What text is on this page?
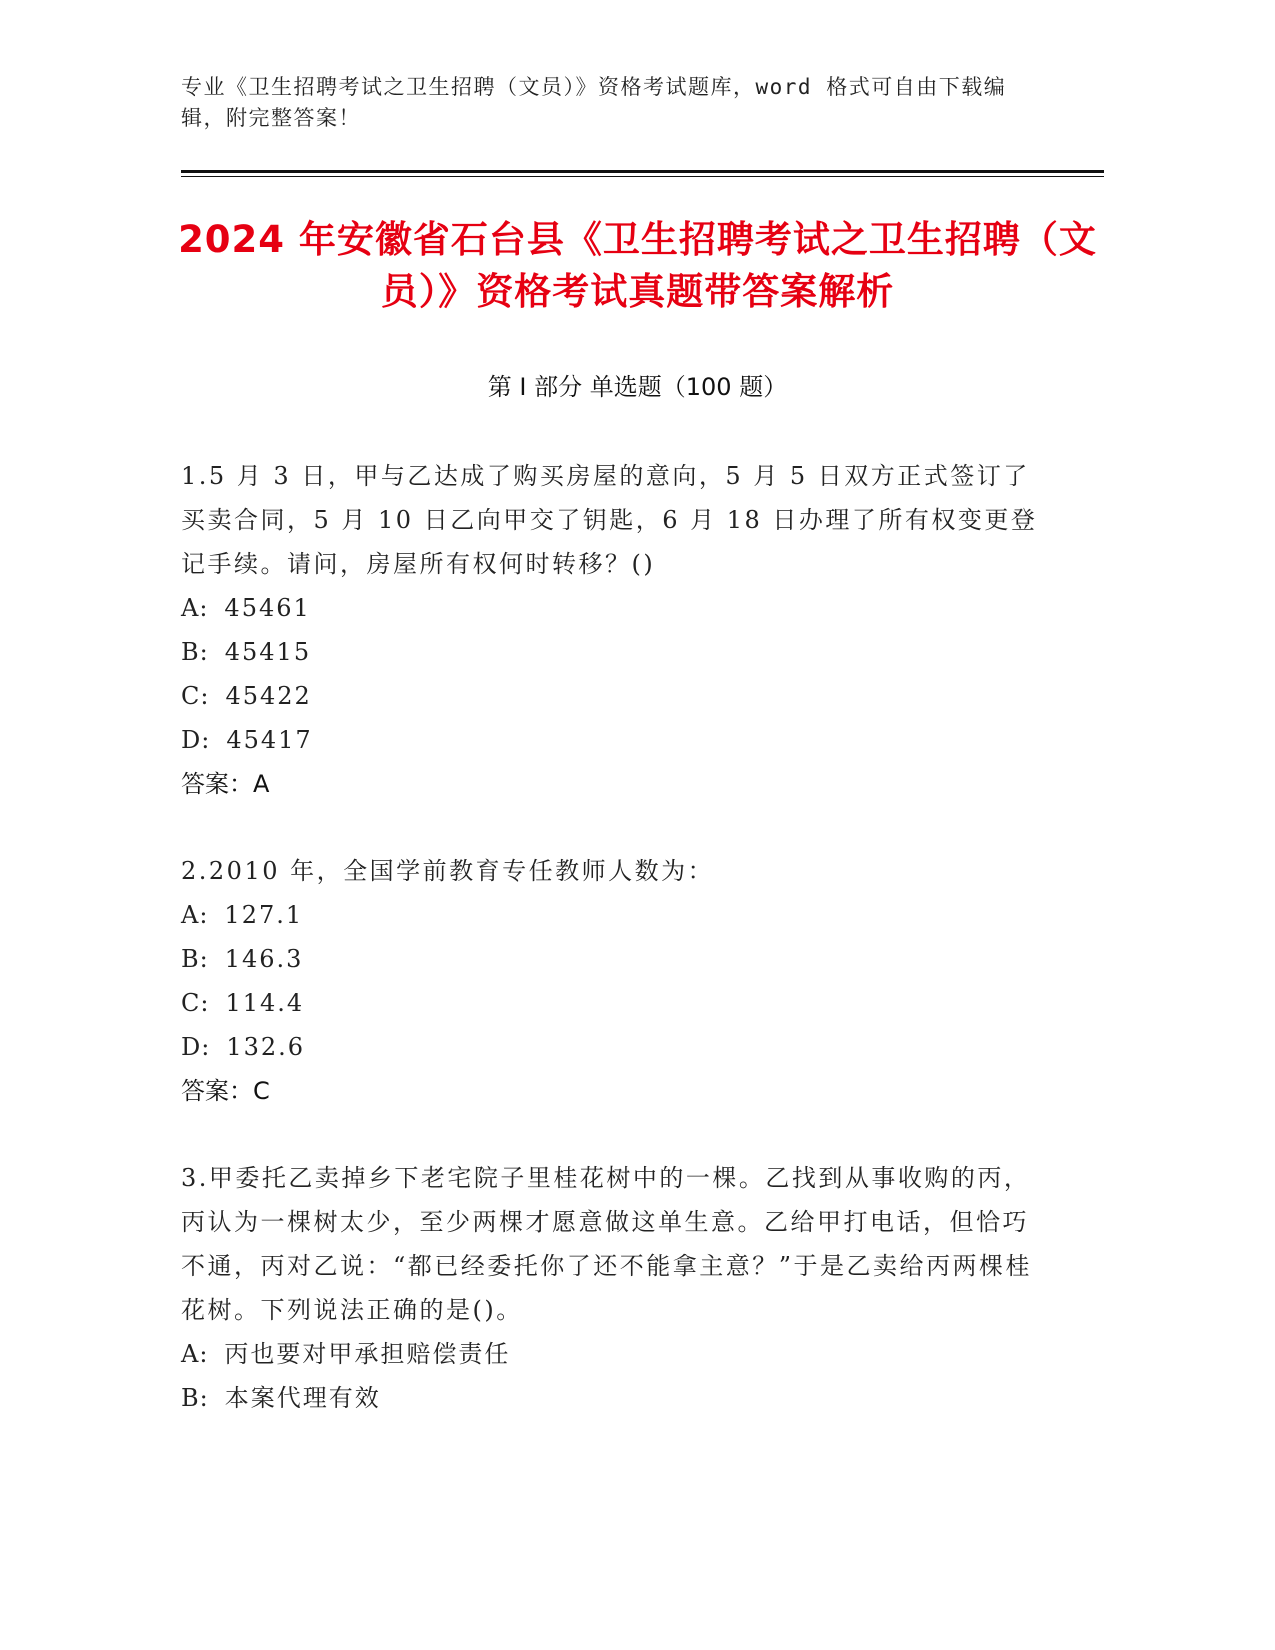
专业《卫生招聘考试之卫生招聘（文员）》资格考试题库，word 格式可自由下载编辑，附完整答案！
2024 年安徽省石台县《卫生招聘考试之卫生招聘（文员）》资格考试真题带答案解析
第 I 部分 单选题（100 题）

1.5 月 3 日，甲与乙达成了购买房屋的意向，5 月 5 日双方正式签订了买卖合同，5 月 10 日乙向甲交了钥匙，6 月 18 日办理了所有权变更登记手续。请问，房屋所有权何时转移？()

A: 45461
B: 45415
C: 45422
D: 45417

答案：A

2.2010 年，全国学前教育专任教师人数为：

A: 127.1
B: 146.3
C: 114.4
D: 132.6

答案：C

3.甲委托乙卖掉乡下老宅院子里桂花树中的一棵。乙找到从事收购的丙，丙认为一棵树太少，至少两棵才愿意做这单生意。乙给甲打电话，但恰巧不通，丙对乙说：“都已经委托你了还不能拿主意？”于是乙卖给丙两棵桂花树。下列说法正确的是()。

A: 丙也要对甲承担赔偿责任
B: 本案代理有效
